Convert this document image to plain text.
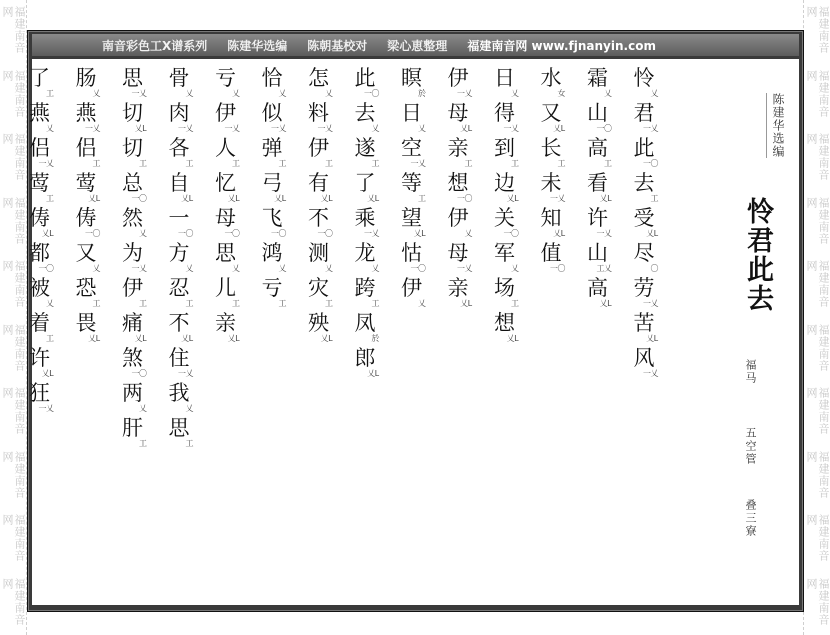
福建南音网
福建南音网
福建南音网
福建南音网
福建南音网
福建南音网
福建南音网
福建南音网
福建南音网
福建南音网
福建南音网
福建南音网
福建南音网
福建南音网
福建南音网
福建南音网
福建南音网
福建南音网
福建南音网
福建南音网
南音彩色工X谱系列 陈建华选编 陈朝基校对 梁心恵整理 福建南音网 www.fjnanyin.com
陈建华选编
怜君此去
福马
五空管
叠三寮
怜
乂
君
一乂
此
一〇
去
工
受
乂L
尽
〇
劳
一乂
苦
乂L
风
一乂
霜
乂
山
一〇
高
工
看
乂L
许
一乂
山
工乂
高
乂L
水
女
又
乂L
长
工
未
一乂
知
乂L
值
一〇
日
乂
得
一乂
到
工
边
乂L
关
一〇
军
乂
场
工
想
乂L
伊
一乂
母
乂L
亲
工
想
一〇
伊
乂
母
一乂
亲
乂L
瞑
於
日
乂
空
一乂
等
工
望
乂L
怙
一〇
伊
乂
此
一〇
去
乂
遂
工
了
乂L
乘
一乂
龙
乂
跨
工
凤
於
郎
乂L
怎
乂
料
一乂
伊
工
有
乂L
不
一〇
测
乂
灾
工
殃
乂L
恰
乂
似
一乂
弹
工
弓
乂L
飞
一〇
鸿
乂
亏
工
亏
乂
伊
一乂
人
工
忆
乂L
母
一〇
思
乂
儿
工
亲
乂L
骨
乂
肉
一乂
各
工
自
乂L
一
一〇
方
乂
忍
工
不
乂L
住
一乂
我
乂
思
工
思
一乂
切
乂L
切
工
总
一〇
然
乂
为
一乂
伊
工
痛
乂L
煞
一〇
两
乂
肝
工
肠
乂
燕
一乂
侣
工
莺
乂L
俦
一〇
又
乂
恐
工
畏
乂L
了
工
燕
乂
侣
一乂
莺
工
俦
乂L
都
一〇
被
乂
着
工
许
乂L
狂
一乂
